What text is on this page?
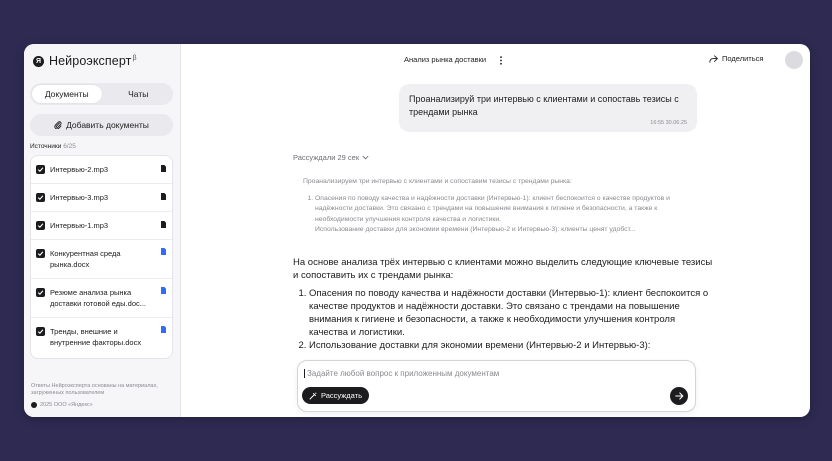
Я Нейроэксперт$^\beta$
Документы	Чаты
Добавить документы
Источники 6/25
Интервью-2.mp3
Интервью-3.mp3
Интервью-1.mp3
Конкурентная среда рынка.docx
Резюме анализа рынка доставки готовой еды.doc...
Тренды, внешние и внутренние факторы.docx
Ответы Нейроэксперта основаны на материалах, загруженных пользователем
2025 ООО «Яндекс»
Анализ рынка доставки	Поделиться
Проанализируй три интервью с клиентами и сопоставь тезисы с трендами рынка
16:55 30.06.25
Рассуждали 29 сек
Проанализируем три интервью с клиентами и сопоставим тезисы с трендами рынка:
1. Опасения по поводу качества и надёжности доставки (Интервью-1): клиент беспокоится о качестве продуктов и надёжности доставки. Это связано с трендами на повышение внимания к гигиене и безопасности, а также к необходимости улучшения контроля качества и логистики.
2. Использование доставки для экономии времени (Интервью-2 и Интервью-3): клиенты ценят удобст...
На основе анализа трёх интервью с клиентами можно выделить следующие ключевые тезисы и сопоставить их с трендами рынка:
1. Опасения по поводу качества и надёжности доставки (Интервью-1): клиент беспокоится о качестве продуктов и надёжности доставки. Это связано с трендами на повышение внимания к гигиене и безопасности, а также к необходимости улучшения контроля качества и логистики.
2. Использование доставки для экономии времени (Интервью-2 и Интервью-3):
Задайте любой вопрос к приложенным документам
Рассуждать
